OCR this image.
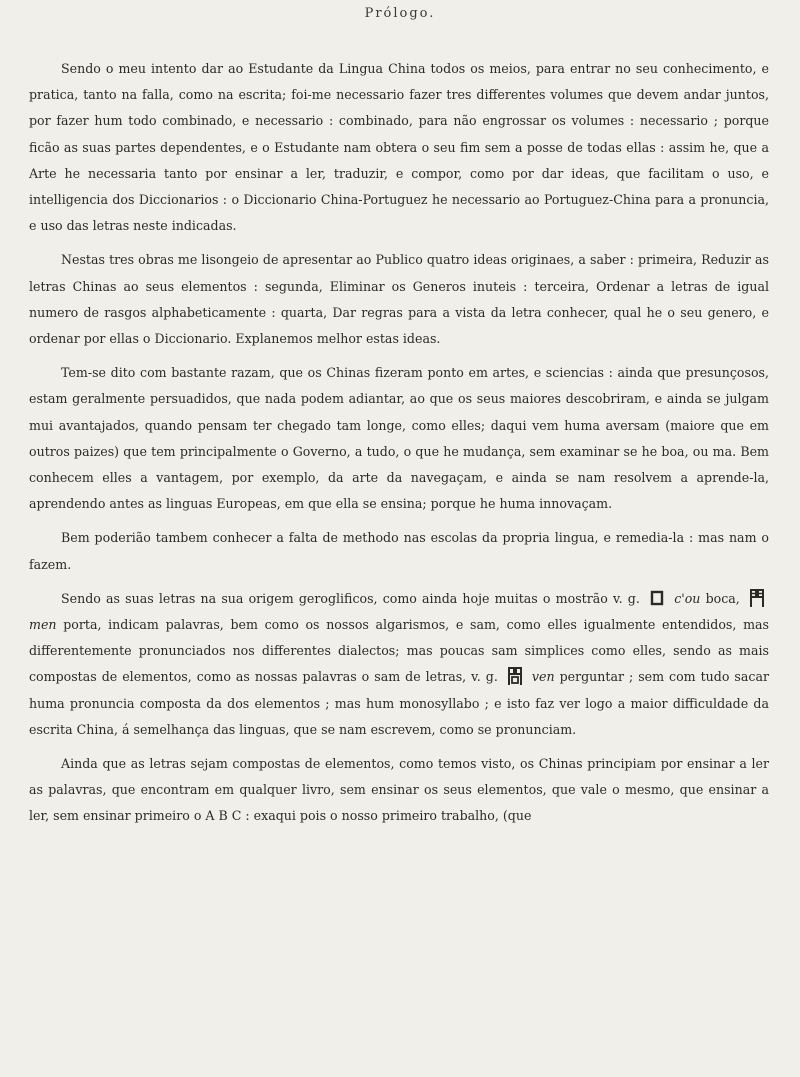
Prólogo.

Sendo o meu intento dar ao Estudante da Lingua China todos os meios, para entrar no seu conhecimento, e pratica, tanto na falla, como na escrita; foi-me necessario fazer tres differentes volumes que devem andar juntos, por fazer hum todo combinado, e necessario : combinado, para não engrossar os volumes : necessario ; porque ficão as suas partes dependentes, e o Estudante nam obtera o seu fim sem a posse de todas ellas : assim he, que a Arte he necessaria tanto por ensinar a ler, traduzir, e compor, como por dar ideas, que facilitam o uso, e intelligencia dos Diccionarios : o Diccionario China-Portuguez he necessario ao Portuguez-China para a pronuncia, e uso das letras neste indicadas.

Nestas tres obras me lisongeio de apresentar ao Publico quatro ideas originaes, a saber : primeira, Reduzir as letras Chinas ao seus elementos : segunda, Eliminar os Generos inuteis : terceira, Ordenar a letras de igual numero de rasgos alphabeticamente : quarta, Dar regras para a vista da letra conhecer, qual he o seu genero, e ordenar por ellas o Diccionario. Explanemos melhor estas ideas.

Tem-se dito com bastante razam, que os Chinas fizeram ponto em artes, e sciencias : ainda que presunçosos, estam geralmente persuadidos, que nada podem adiantar, ao que os seus maiores descobriram, e ainda se julgam mui avantajados, quando pensam ter chegado tam longe, como elles; daqui vem huma aversam (maiore que em outros paizes) que tem principalmente o Governo, a tudo, o que he mudança, sem examinar se he boa, ou ma. Bem conhecem elles a vantagem, por exemplo, da arte da navegaçam, e ainda se nam resolvem a aprende-la, aprendendo antes as linguas Europeas, em que ella se ensina; porque he huma innovaçam.

Bem poderião tambem conhecer a falta de methodo nas escolas da propria lingua, e remedia-la : mas nam o fazem.

Sendo as suas letras na sua origem geroglificos, como ainda hoje muitas o mostrão v. g.	c'ou boca,
men porta, indicam palavras, bem como os nossos algarismos, e sam, como elles igualmente entendidos, mas differentemente pronunciados nos differentes dialectos; mas poucas sam simplices como elles, sendo as mais compostas de elementos, como as nossas palavras o sam de letras, v. g.	ven perguntar ; sem com tudo sacar huma pronuncia composta da dos elementos ; mas hum monosyllabo ; e isto faz ver logo a maior difficuldade da escrita China, á semelhança das linguas, que se nam escrevem, como se pronunciam.

Ainda que as letras sejam compostas de elementos, como temos visto, os Chinas principiam por ensinar a ler as palavras, que encontram em qualquer livro, sem ensinar os seus elementos, que vale o mesmo, que ensinar a ler, sem ensinar primeiro o A B C : exaqui pois o nosso primeiro trabalho, (que
